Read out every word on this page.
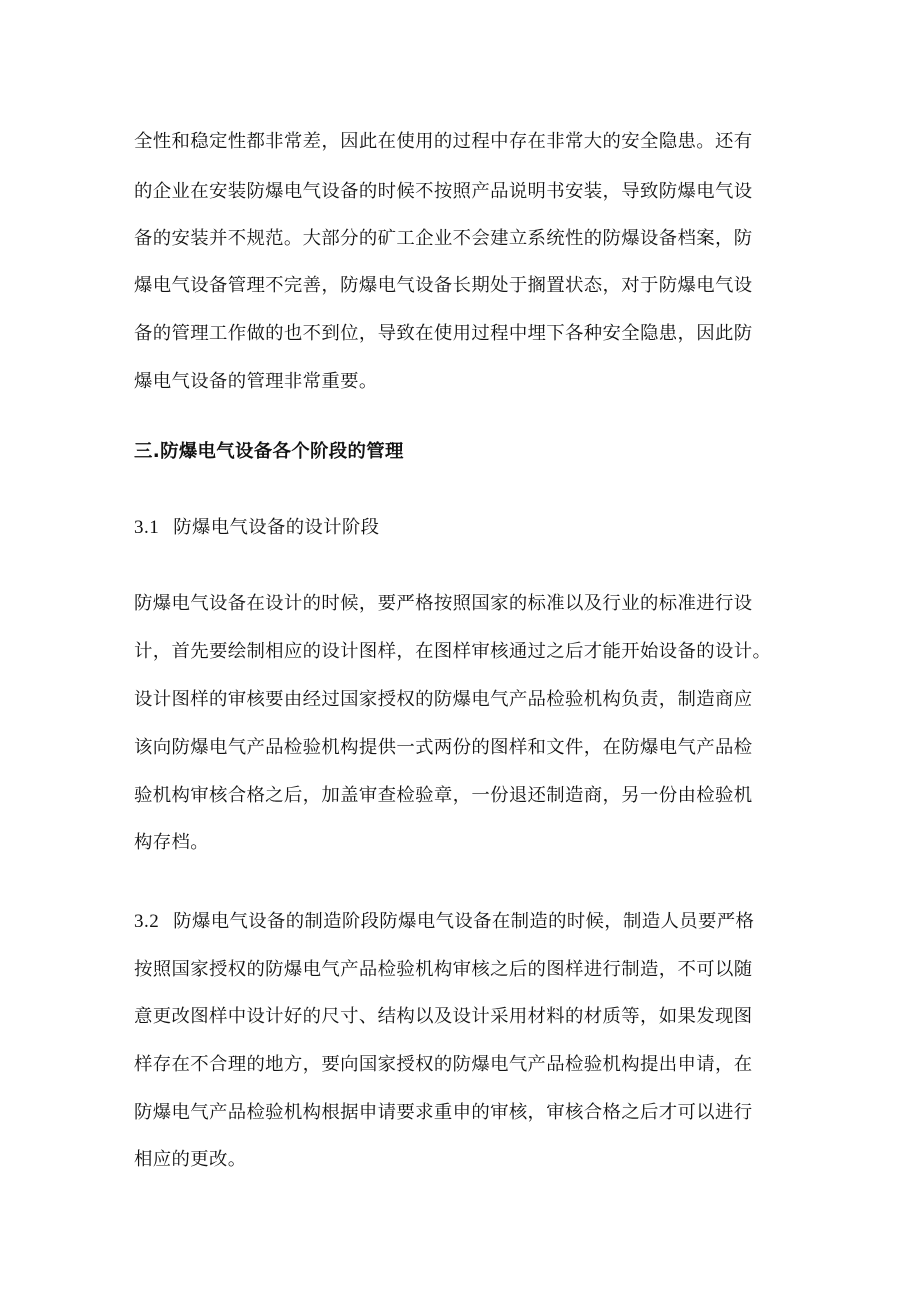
全性和稳定性都非常差，因此在使用的过程中存在非常大的安全隐患。还有
的企业在安装防爆电气设备的时候不按照产品说明书安装，导致防爆电气设
备的安装并不规范。大部分的矿工企业不会建立系统性的防爆设备档案，防
爆电气设备管理不完善，防爆电气设备长期处于搁置状态，对于防爆电气设
备的管理工作做的也不到位，导致在使用过程中埋下各种安全隐患，因此防
爆电气设备的管理非常重要。
三.防爆电气设备各个阶段的管理
3.1 防爆电气设备的设计阶段
防爆电气设备在设计的时候，要严格按照国家的标准以及行业的标准进行设
计，首先要绘制相应的设计图样，在图样审核通过之后才能开始设备的设计。
设计图样的审核要由经过国家授权的防爆电气产品检验机构负责，制造商应
该向防爆电气产品检验机构提供一式两份的图样和文件，在防爆电气产品检
验机构审核合格之后，加盖审查检验章，一份退还制造商，另一份由检验机
构存档。
3.2 防爆电气设备的制造阶段防爆电气设备在制造的时候，制造人员要严格
按照国家授权的防爆电气产品检验机构审核之后的图样进行制造，不可以随
意更改图样中设计好的尺寸、结构以及设计采用材料的材质等，如果发现图
样存在不合理的地方，要向国家授权的防爆电气产品检验机构提出申请，在
防爆电气产品检验机构根据申请要求重申的审核，审核合格之后才可以进行
相应的更改。
